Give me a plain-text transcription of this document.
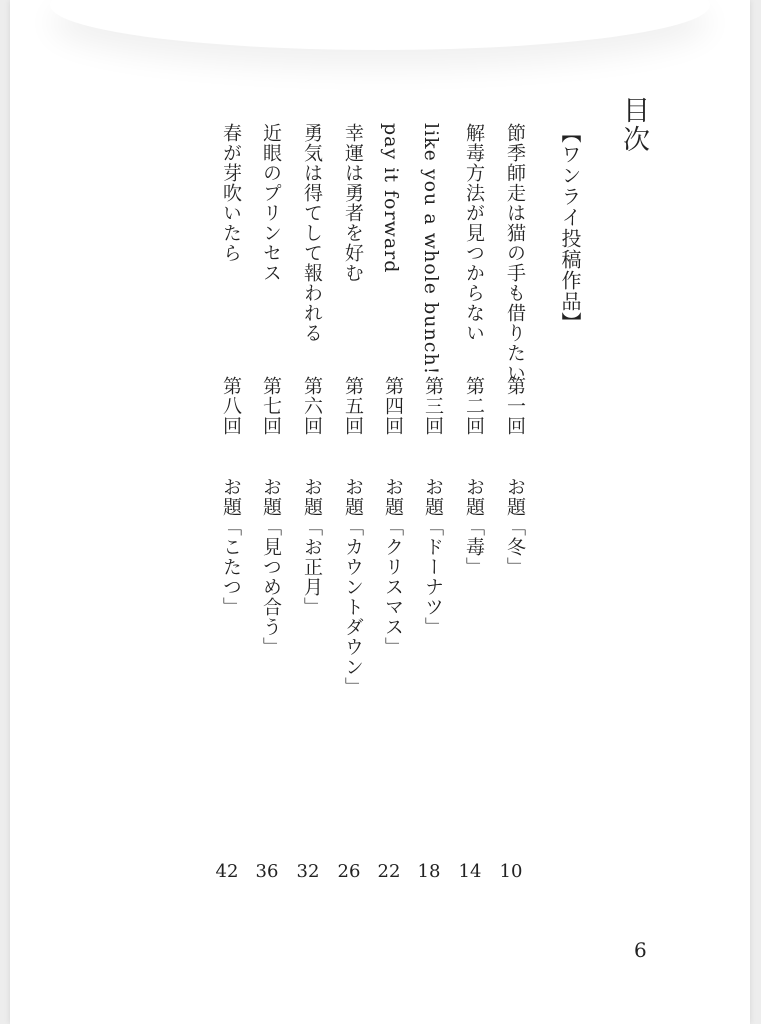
目次
【ワンライ投稿作品】
節季師走は猫の手も借りたい
第一回
お題「冬」
10
解毒方法が見つからない
第二回
お題「毒」
14
like you a whole bunch!
第三回
お題「ドーナツ」
18
pay it forward
第四回
お題「クリスマス」
22
幸運は勇者を好む
第五回
お題「カウントダウン」
26
勇気は得てして報われる
第六回
お題「お正月」
32
近眼のプリンセス
第七回
お題「見つめ合う」
36
春が芽吹いたら
第八回
お題「こたつ」
42
6
